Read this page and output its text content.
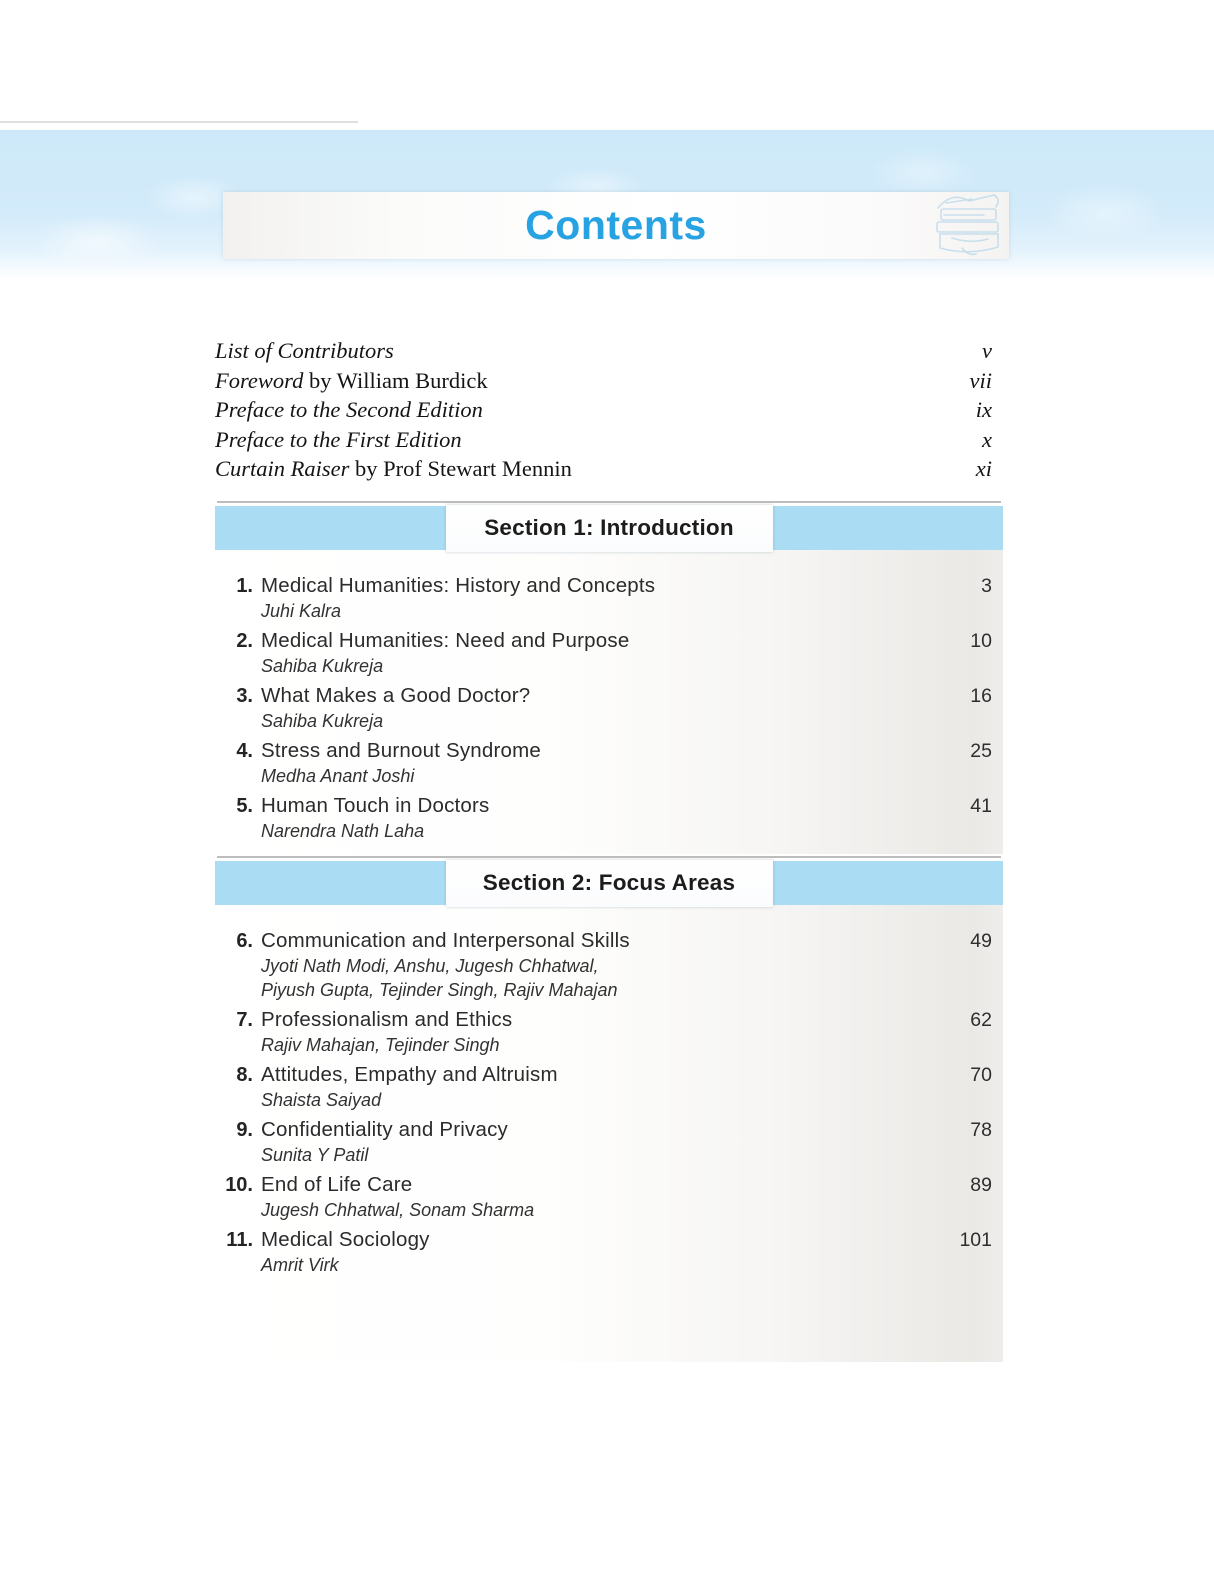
Contents
List of Contributors	v
Foreword by William Burdick	vii
Preface to the Second Edition	ix
Preface to the First Edition	x
Curtain Raiser by Prof Stewart Mennin	xi
Section 1: Introduction
1. Medical Humanities: History and Concepts	3
Juhi Kalra
2. Medical Humanities: Need and Purpose	10
Sahiba Kukreja
3. What Makes a Good Doctor?	16
Sahiba Kukreja
4. Stress and Burnout Syndrome	25
Medha Anant Joshi
5. Human Touch in Doctors	41
Narendra Nath Laha
Section 2: Focus Areas
6. Communication and Interpersonal Skills	49
Jyoti Nath Modi, Anshu, Jugesh Chhatwal,
Piyush Gupta, Tejinder Singh, Rajiv Mahajan
7. Professionalism and Ethics	62
Rajiv Mahajan, Tejinder Singh
8. Attitudes, Empathy and Altruism	70
Shaista Saiyad
9. Confidentiality and Privacy	78
Sunita Y Patil
10. End of Life Care	89
Jugesh Chhatwal, Sonam Sharma
11. Medical Sociology	101
Amrit Virk
